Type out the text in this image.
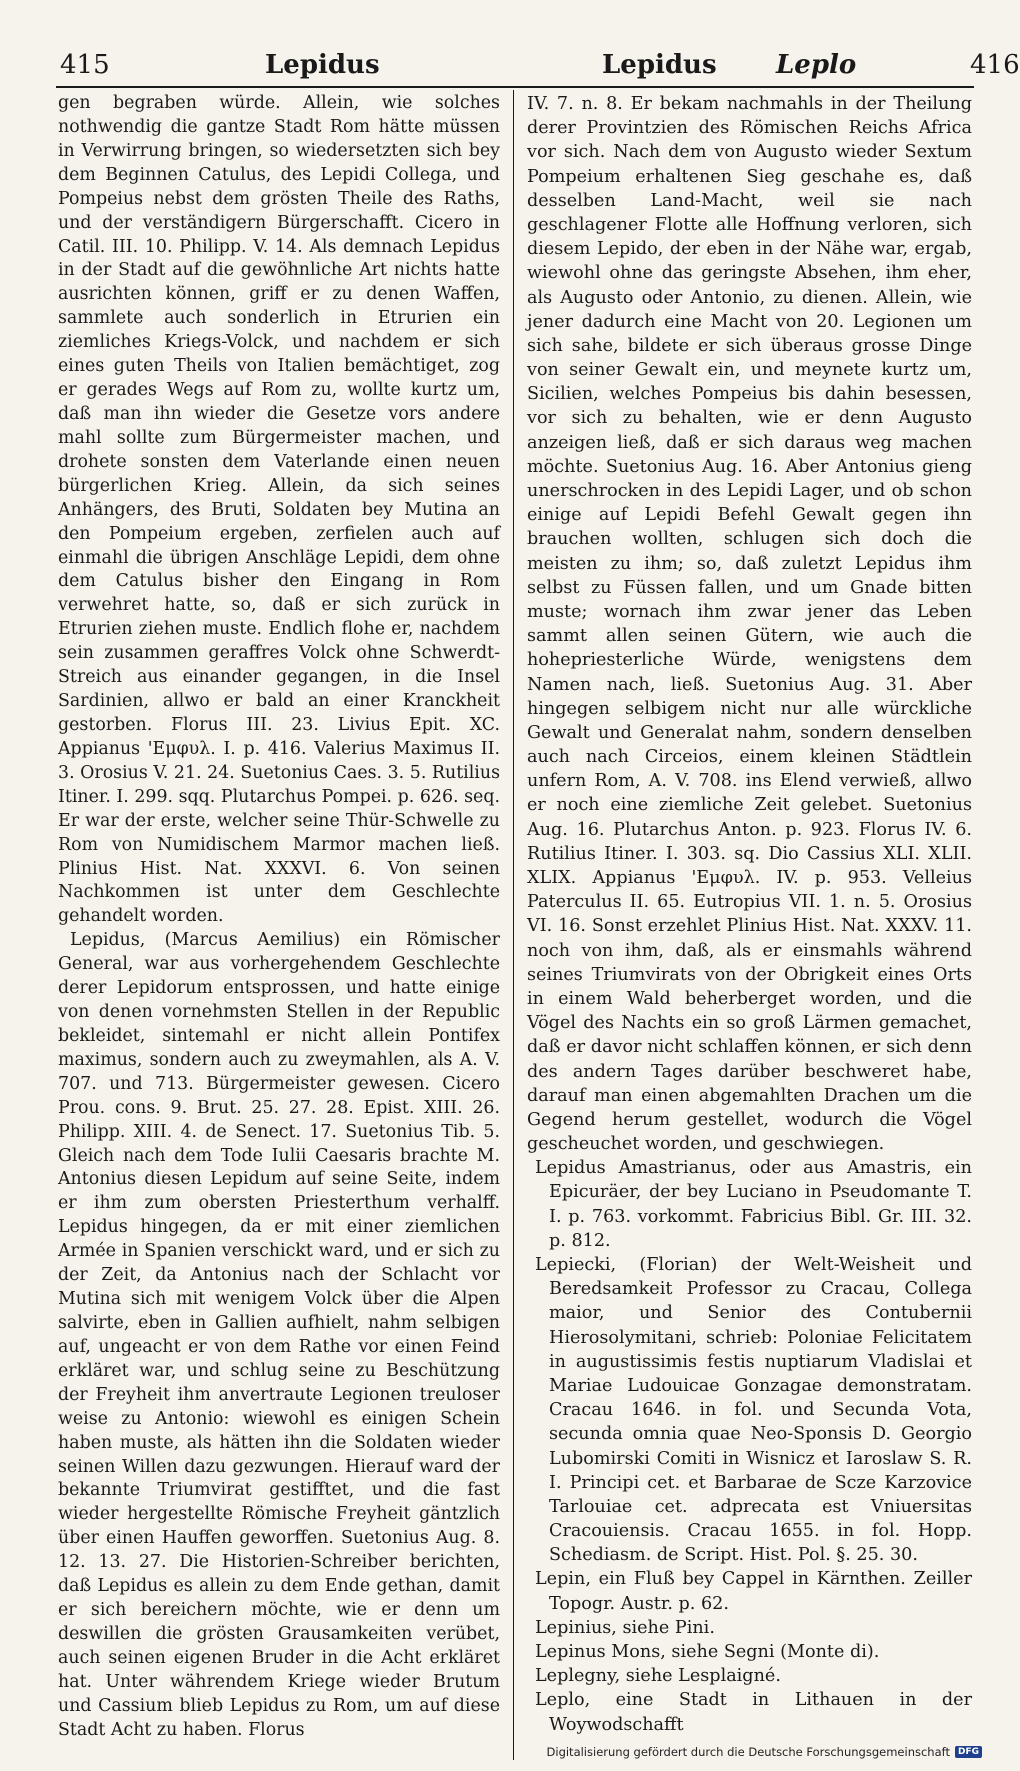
415	Lepidus	Lepidus Leplo	416

gen begraben würde. Allein, wie solches nothwendig die gantze Stadt Rom hätte müssen in Verwirrung bringen, so wiedersetzten sich bey dem Beginnen Catulus, des Lepidi Collega, und Pompeius nebst dem grösten Theile des Raths, und der verständigern Bürgerschafft. Cicero in Catil. III. 10. Philipp. V. 14. Als demnach Lepidus in der Stadt auf die gewöhnliche Art nichts hatte ausrichten können, griff er zu denen Waffen, sammlete auch sonderlich in Etrurien ein ziemliches Kriegs-Volck, und nachdem er sich eines guten Theils von Italien bemächtiget, zog er gerades Wegs auf Rom zu, wollte kurtz um, daß man ihn wieder die Gesetze vors andere mahl sollte zum Bürgermeister machen, und drohete sonsten dem Vaterlande einen neuen bürgerlichen Krieg. Allein, da sich seines Anhängers, des Bruti, Soldaten bey Mutina an den Pompeium ergeben, zerfielen auch auf einmahl die übrigen Anschläge Lepidi, dem ohne dem Catulus bisher den Eingang in Rom verwehret hatte, so, daß er sich zurück in Etrurien ziehen muste. Endlich flohe er, nachdem sein zusammen geraffres Volck ohne Schwerdt-Streich aus einander gegangen, in die Insel Sardinien, allwo er bald an einer Kranckheit gestorben. Florus III. 23. Livius Epit. XC. Appianus 'Εμφυλ. I. p. 416. Valerius Maximus II. 3. Orosius V. 21. 24. Suetonius Caes. 3. 5. Rutilius Itiner. I. 299. sqq. Plutarchus Pompei. p. 626. seq. Er war der erste, welcher seine Thür-Schwelle zu Rom von Numidischem Marmor machen ließ. Plinius Hist. Nat. XXXVI. 6. Von seinen Nachkommen ist unter dem Geschlechte gehandelt worden.

Lepidus, (Marcus Aemilius) ein Römischer General, war aus vorhergehendem Geschlechte derer Lepidorum entsprossen, und hatte einige von denen vornehmsten Stellen in der Republic bekleidet, sintemahl er nicht allein Pontifex maximus, sondern auch zu zweymahlen, als A. V. 707. und 713. Bürgermeister gewesen. Cicero Prou. cons. 9. Brut. 25. 27. 28. Epist. XIII. 26. Philipp. XIII. 4. de Senect. 17. Suetonius Tib. 5. Gleich nach dem Tode Iulii Caesaris brachte M. Antonius diesen Lepidum auf seine Seite, indem er ihm zum obersten Priesterthum verhalff. Lepidus hingegen, da er mit einer ziemlichen Armée in Spanien verschickt ward, und er sich zu der Zeit, da Antonius nach der Schlacht vor Mutina sich mit wenigem Volck über die Alpen salvirte, eben in Gallien aufhielt, nahm selbigen auf, ungeacht er von dem Rathe vor einen Feind erkläret war, und schlug seine zu Beschützung der Freyheit ihm anvertraute Legionen treuloser weise zu Antonio: wiewohl es einigen Schein haben muste, als hätten ihn die Soldaten wieder seinen Willen dazu gezwungen. Hierauf ward der bekannte Triumvirat gestifftet, und die fast wieder hergestellte Römische Freyheit gäntzlich über einen Hauffen geworffen. Suetonius Aug. 8. 12. 13. 27. Die Historien-Schreiber berichten, daß Lepidus es allein zu dem Ende gethan, damit er sich bereichern möchte, wie er denn um deswillen die grösten Grausamkeiten verübet, auch seinen eigenen Bruder in die Acht erkläret hat. Unter währendem Kriege wieder Brutum und Cassium blieb Lepidus zu Rom, um auf diese Stadt Acht zu haben. Florus

IV. 7. n. 8. Er bekam nachmahls in der Theilung derer Provintzien des Römischen Reichs Africa vor sich. Nach dem von Augusto wieder Sextum Pompeium erhaltenen Sieg geschahe es, daß desselben Land-Macht, weil sie nach geschlagener Flotte alle Hoffnung verloren, sich diesem Lepido, der eben in der Nähe war, ergab, wiewohl ohne das geringste Absehen, ihm eher, als Augusto oder Antonio, zu dienen. Allein, wie jener dadurch eine Macht von 20. Legionen um sich sahe, bildete er sich überaus grosse Dinge von seiner Gewalt ein, und meynete kurtz um, Sicilien, welches Pompeius bis dahin besessen, vor sich zu behalten, wie er denn Augusto anzeigen ließ, daß er sich daraus weg machen möchte. Suetonius Aug. 16. Aber Antonius gieng unerschrocken in des Lepidi Lager, und ob schon einige auf Lepidi Befehl Gewalt gegen ihn brauchen wollten, schlugen sich doch die meisten zu ihm; so, daß zuletzt Lepidus ihm selbst zu Füssen fallen, und um Gnade bitten muste; wornach ihm zwar jener das Leben sammt allen seinen Gütern, wie auch die hohepriesterliche Würde, wenigstens dem Namen nach, ließ. Suetonius Aug. 31. Aber hingegen selbigem nicht nur alle würckliche Gewalt und Generalat nahm, sondern denselben auch nach Circeios, einem kleinen Städtlein unfern Rom, A. V. 708. ins Elend verwieß, allwo er noch eine ziemliche Zeit gelebet. Suetonius Aug. 16. Plutarchus Anton. p. 923. Florus IV. 6. Rutilius Itiner. I. 303. sq. Dio Cassius XLI. XLII. XLIX. Appianus 'Εμφυλ. IV. p. 953. Velleius Paterculus II. 65. Eutropius VII. 1. n. 5. Orosius VI. 16. Sonst erzehlet Plinius Hist. Nat. XXXV. 11. noch von ihm, daß, als er einsmahls während seines Triumvirats von der Obrigkeit eines Orts in einem Wald beherberget worden, und die Vögel des Nachts ein so groß Lärmen gemachet, daß er davor nicht schlaffen können, er sich denn des andern Tages darüber beschweret habe, darauf man einen abgemahlten Drachen um die Gegend herum gestellet, wodurch die Vögel gescheuchet worden, und geschwiegen.

Lepidus Amastrianus, oder aus Amastris, ein Epicuräer, der bey Luciano in Pseudomante T. I. p. 763. vorkommt. Fabricius Bibl. Gr. III. 32. p. 812.

Lepiecki, (Florian) der Welt-Weisheit und Beredsamkeit Professor zu Cracau, Collega maior, und Senior des Contubernii Hierosolymitani, schrieb: Poloniae Felicitatem in augustissimis festis nuptiarum Vladislai et Mariae Ludouicae Gonzagae demonstratam. Cracau 1646. in fol. und Secunda Vota, secunda omnia quae Neo-Sponsis D. Georgio Lubomirski Comiti in Wisnicz et Iaroslaw S. R. I. Principi cet. et Barbarae de Scze Karzovice Tarlouiae cet. adprecata est Vniuersitas Cracouiensis. Cracau 1655. in fol. Hopp. Schediasm. de Script. Hist. Pol. §. 25. 30.

Lepin, ein Fluß bey Cappel in Kärnthen. Zeiller Topogr. Austr. p. 62.

Lepinius, siehe Pini.

Lepinus Mons, siehe Segni (Monte di).

Leplegny, siehe Lesplaigné.

Leplo, eine Stadt in Lithauen in der Woywodschafft

Digitalisierung gefördert durch die Deutsche Forschungsgemeinschaft DFG
